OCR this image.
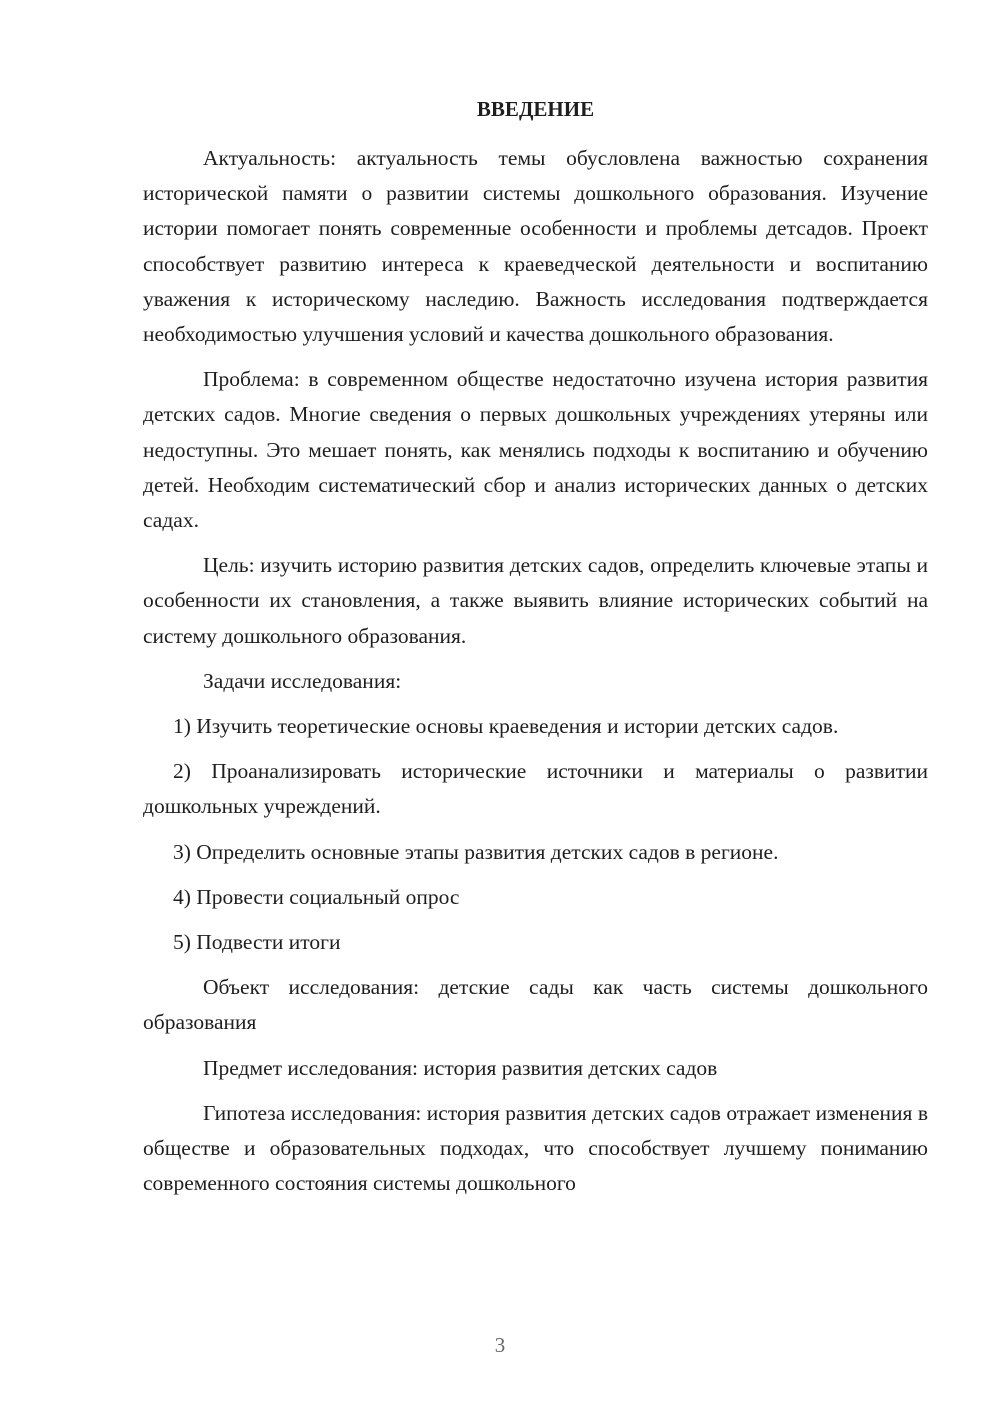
ВВЕДЕНИЕ

Актуальность: актуальность темы обусловлена важностью сохранения исторической памяти о развитии системы дошкольного образования. Изучение истории помогает понять современные особенности и проблемы детсадов. Проект способствует развитию интереса к краеведческой деятельности и воспитанию уважения к историческому наследию. Важность исследования подтверждается необходимостью улучшения условий и качества дошкольного образования.

Проблема: в современном обществе недостаточно изучена история развития детских садов. Многие сведения о первых дошкольных учреждениях утеряны или недоступны. Это мешает понять, как менялись подходы к воспитанию и обучению детей. Необходим систематический сбор и анализ исторических данных о детских садах.

Цель: изучить историю развития детских садов, определить ключевые этапы и особенности их становления, а также выявить влияние исторических событий на систему дошкольного образования.

Задачи исследования:

1) Изучить теоретические основы краеведения и истории детских садов.

2) Проанализировать исторические источники и материалы о развитии дошкольных учреждений.

3) Определить основные этапы развития детских садов в регионе.

4) Провести социальный опрос

5) Подвести итоги

Объект исследования: детские сады как часть системы дошкольного образования

Предмет исследования: история развития детских садов

Гипотеза исследования: история развития детских садов отражает изменения в обществе и образовательных подходах, что способствует лучшему пониманию современного состояния системы дошкольного

3
